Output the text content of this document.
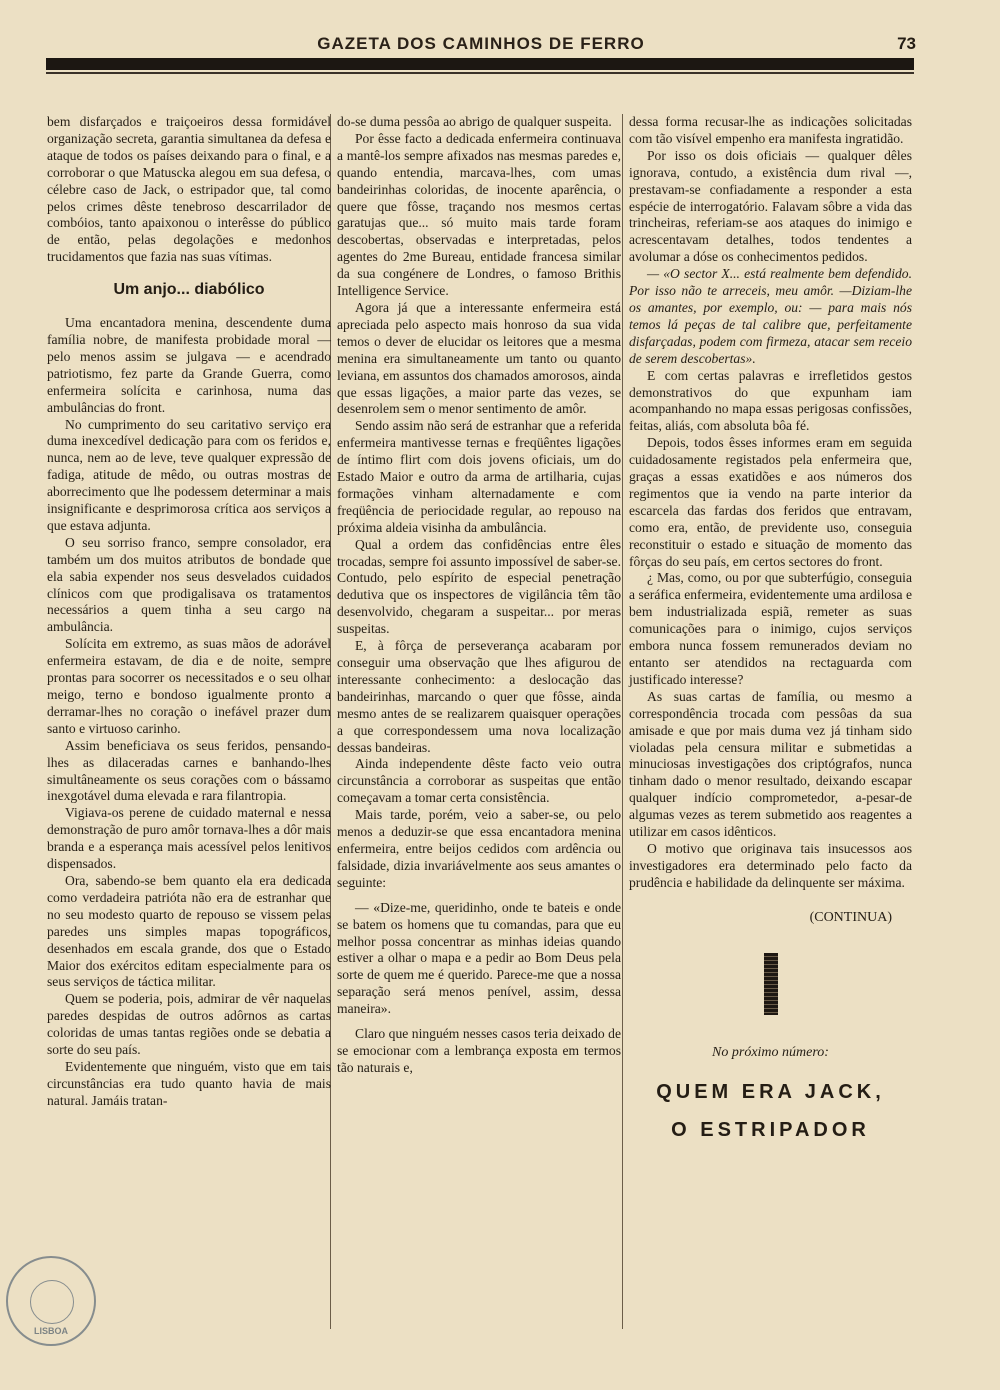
GAZETA DOS CAMINHOS DE FERRO	73

bem disfarçados e traiçoeiros dessa formidável organização secreta, garantia simultanea da defesa e ataque de todos os países deixando para o final, e a corroborar o que Matuscka alegou em sua defesa, o célebre caso de Jack, o estripador que, tal como pelos crimes dêste tenebroso descarrilador de combóios, tanto apaixonou o interêsse do público de então, pelas degolações e medonhos trucidamentos que fazia nas suas vítimas.

Um anjo... diabólico

Uma encantadora menina, descendente duma família nobre, de manifesta probidade moral — pelo menos assim se julgava — e acendrado patriotismo, fez parte da Grande Guerra, como enfermeira solícita e carinhosa, numa das ambulâncias do front.

No cumprimento do seu caritativo serviço era duma inexcedível dedicação para com os feridos e, nunca, nem ao de leve, teve qualquer expressão de fadiga, atitude de mêdo, ou outras mostras de aborrecimento que lhe podessem determinar a mais insignificante e desprimorosa crítica aos serviços a que estava adjunta.

O seu sorriso franco, sempre consolador, era também um dos muitos atributos de bondade que ela sabia expender nos seus desvelados cuidados clínicos com que prodigalisava os tratamentos necessários a quem tinha a seu cargo na ambulância.

Solícita em extremo, as suas mãos de adorável enfermeira estavam, de dia e de noite, sempre prontas para socorrer os necessitados e o seu olhar meigo, terno e bondoso igualmente pronto a derramar-lhes no coração o inefável prazer dum santo e virtuoso carinho.

Assim beneficiava os seus feridos, pensando-lhes as dilaceradas carnes e banhando-lhes simultâneamente os seus corações com o bássamo inexgotável duma elevada e rara filantropia.

Vigiava-os perene de cuidado maternal e nessa demonstração de puro amôr tornava-lhes a dôr mais branda e a esperança mais acessível pelos lenitivos dispensados.

Ora, sabendo-se bem quanto ela era dedicada como verdadeira patrióta não era de estranhar que no seu modesto quarto de repouso se vissem pelas paredes uns simples mapas topográficos, desenhados em escala grande, dos que o Estado Maior dos exércitos editam especialmente para os seus serviços de táctica militar.

Quem se poderia, pois, admirar de vêr naquelas paredes despidas de outros adôrnos as cartas coloridas de umas tantas regiões onde se debatia a sorte do seu país.

Evidentemente que ninguém, visto que em tais circunstâncias era tudo quanto havia de mais natural. Jamáis tratan-

do-se duma pessôa ao abrigo de qualquer suspeita.

Por êsse facto a dedicada enfermeira continuava a mantê-los sempre afixados nas mesmas paredes e, quando entendia, marcava-lhes, com umas bandeirinhas coloridas, de inocente aparência, o quere que fôsse, traçando nos mesmos certas garatujas que... só muito mais tarde foram descobertas, observadas e interpretadas, pelos agentes do 2me Bureau, entidade francesa similar da sua congénere de Londres, o famoso Brithis Intelligence Service.

Agora já que a interessante enfermeira está apreciada pelo aspecto mais honroso da sua vida temos o dever de elucidar os leitores que a mesma menina era simultaneamente um tanto ou quanto leviana, em assuntos dos chamados amorosos, ainda que essas ligações, a maior parte das vezes, se desenrolem sem o menor sentimento de amôr.

Sendo assim não será de estranhar que a referida enfermeira mantivesse ternas e freqüêntes ligações de íntimo flirt com dois jovens oficiais, um do Estado Maior e outro da arma de artilharia, cujas formações vinham alternadamente e com freqüência de periocidade regular, ao repouso na próxima aldeia visinha da ambulância.

Qual a ordem das confidências entre êles trocadas, sempre foi assunto impossível de saber-se. Contudo, pelo espírito de especial penetração dedutiva que os inspectores de vigilância têm tão desenvolvido, chegaram a suspeitar... por meras suspeitas.

E, à fôrça de perseverança acabaram por conseguir uma observação que lhes afigurou de interessante conhecimento: a deslocação das bandeirinhas, marcando o quer que fôsse, ainda mesmo antes de se realizarem quaisquer operações a que correspondessem uma nova localização dessas bandeiras.

Ainda independente dêste facto veio outra circunstância a corroborar as suspeitas que então começavam a tomar certa consistência.

Mais tarde, porém, veio a saber-se, ou pelo menos a deduzir-se que essa encantadora menina enfermeira, entre beijos cedidos com ardência ou falsidade, dizia invariávelmente aos seus amantes o seguinte:

— «Dize-me, queridinho, onde te bateis e onde se batem os homens que tu comandas, para que eu melhor possa concentrar as minhas ideias quando estiver a olhar o mapa e a pedir ao Bom Deus pela sorte de quem me é querido. Parece-me que a nossa separação será menos penível, assim, dessa maneira».

Claro que ninguém nesses casos teria deixado de se emocionar com a lembrança exposta em termos tão naturais e,

dessa forma recusar-lhe as indicações solicitadas com tão visível empenho era manifesta ingratidão.

Por isso os dois oficiais — qualquer dêles ignorava, contudo, a existência dum rival —, prestavam-se confiadamente a responder a esta espécie de interrogatório. Falavam sôbre a vida das trincheiras, referiam-se aos ataques do inimigo e acrescentavam detalhes, todos tendentes a avolumar a dóse os conhecimentos pedidos.

— «O sector X... está realmente bem defendido. Por isso não te arreceis, meu amôr. —Diziam-lhe os amantes, por exemplo, ou: — para mais nós temos lá peças de tal calibre que, perfeitamente disfarçadas, podem com firmeza, atacar sem receio de serem descobertas».

E com certas palavras e irrefletidos gestos demonstrativos do que expunham iam acompanhando no mapa essas perigosas confissões, feitas, aliás, com absoluta bôa fé.

Depois, todos êsses informes eram em seguida cuidadosamente registados pela enfermeira que, graças a essas exatidões e aos números dos regimentos que ia vendo na parte interior da escarcela das fardas dos feridos que entravam, como era, então, de previdente uso, conseguia reconstituir o estado e situação de momento das fôrças do seu país, em certos sectores do front.

¿ Mas, como, ou por que subterfúgio, conseguia a seráfica enfermeira, evidentemente uma ardilosa e bem industrializada espiã, remeter as suas comunicações para o inimigo, cujos serviços embora nunca fossem remunerados deviam no entanto ser atendidos na rectaguarda com justificado interesse?

As suas cartas de família, ou mesmo a correspondência trocada com pessôas da sua amisade e que por mais duma vez já tinham sido violadas pela censura militar e submetidas a minuciosas investigações dos criptógrafos, nunca tinham dado o menor resultado, deixando escapar qualquer indício comprometedor, a-pesar-de algumas vezes as terem submetido aos reagentes a utilizar em casos idênticos.

O motivo que originava tais insucessos aos investigadores era determinado pelo facto da prudência e habilidade da delinquente ser máxima.

(CONTINUA)
No próximo número:
QUEM ERA JACK,
O ESTRIPADOR
LISBOA
